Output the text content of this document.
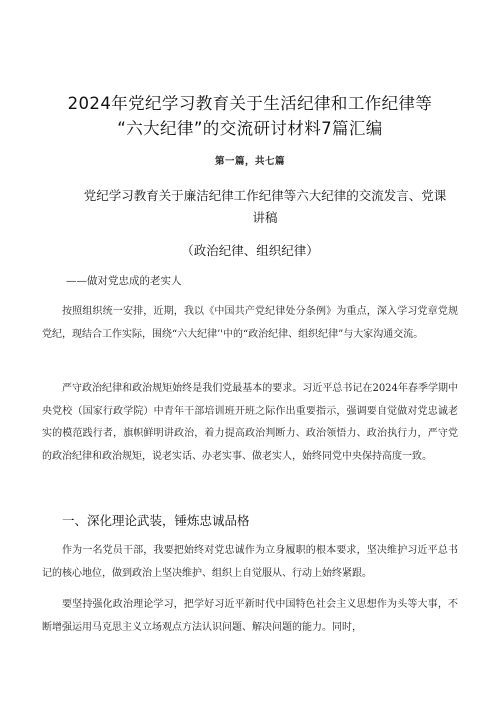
2024年党纪学习教育关于生活纪律和工作纪律等
“六大纪律”的交流研讨材料7篇汇编
第一篇，共七篇
党纪学习教育关于廉洁纪律工作纪律等六大纪律的交流发言、党课
讲稿
（政治纪律、组织纪律）
——做对党忠成的老实人

按照组织统一安排，近期，我以《中国共产党纪律处分条例》为重点，深入学习党章党规党纪，现结合工作实际，围绕“六大纪律’'中的“政治纪律、组织纪律”与大家沟通交流。

严守政治纪律和政治规矩始终是我们党最基本的要求。习近平总书记在2024年春季学期中央党校（国家行政学院）中青年干部培训班开班之际作出重要指示，强调要自觉做对党忠诚老实的模范践行者，旗帜鲜明讲政治，着力提高政治判断力、政治领悟力、政治执行力，严守党的政治纪律和政治规矩，说老实话、办老实事、做老实人，始终同党中央保持高度一致。

一、深化理论武装，锤炼忠诚品格

作为一名党员干部，我要把始终对党忠诚作为立身履职的根本要求，坚决维护习近平总书记的核心地位，做到政治上坚决维护、组织上自觉服从、行动上始终紧跟。

要坚持强化政治理论学习，把学好习近平新时代中国特色社会主义思想作为头等大事，不断增强运用马克思主义立场观点方法认识问题、解决问题的能力。同时，
